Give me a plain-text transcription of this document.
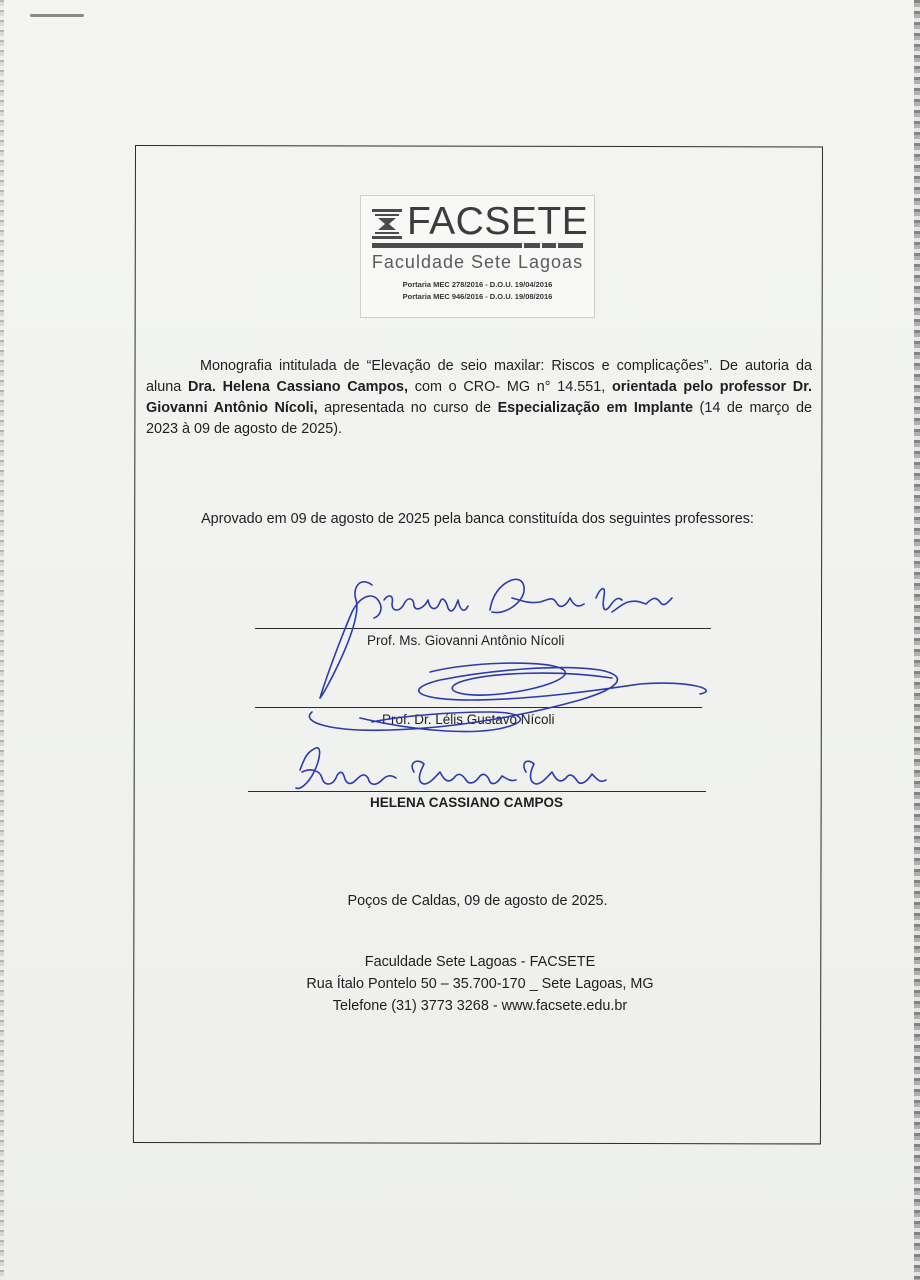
FACSETE
Faculdade Sete Lagoas
Portaria MEC 278/2016 - D.O.U. 19/04/2016
Portaria MEC 946/2016 - D.O.U. 19/08/2016
Monografia intitulada de “Elevação de seio maxilar: Riscos e complicações”. De autoria da aluna Dra. Helena Cassiano Campos, com o CRO- MG n° 14.551, orientada pelo professor Dr. Giovanni Antônio Nícoli, apresentada no curso de Especialização em Implante (14 de março de 2023 à 09 de agosto de 2025).
Aprovado em 09 de agosto de 2025 pela banca constituída dos seguintes professores:
Prof. Ms. Giovanni Antônio Nícoli
Prof. Dr. Lélis Gustavo Nícoli
HELENA CASSIANO CAMPOS
Poços de Caldas, 09 de agosto de 2025.
Faculdade Sete Lagoas - FACSETE
Rua Ítalo Pontelo 50 – 35.700-170 _ Sete Lagoas, MG
Telefone (31) 3773 3268 - www.facsete.edu.br
